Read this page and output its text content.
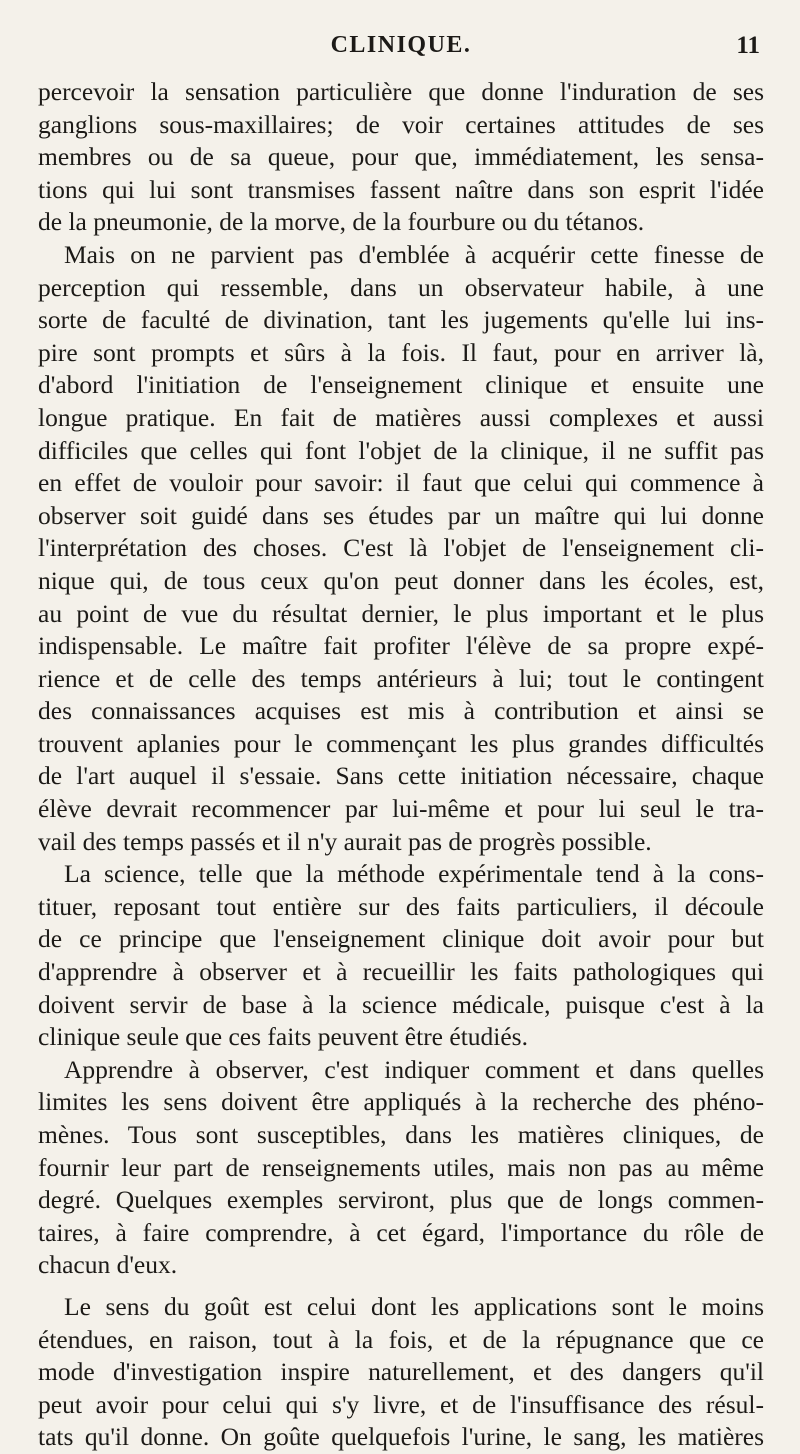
CLINIQUE.	11
percevoir la sensation particulière que donne l'induration de ses
ganglions sous-maxillaires; de voir certaines attitudes de ses
membres ou de sa queue, pour que, immédiatement, les sensa-
tions qui lui sont transmises fassent naître dans son esprit l'idée
de la pneumonie, de la morve, de la fourbure ou du tétanos.
Mais on ne parvient pas d'emblée à acquérir cette finesse de
perception qui ressemble, dans un observateur habile, à une
sorte de faculté de divination, tant les jugements qu'elle lui ins-
pire sont prompts et sûrs à la fois. Il faut, pour en arriver là,
d'abord l'initiation de l'enseignement clinique et ensuite une
longue pratique. En fait de matières aussi complexes et aussi
difficiles que celles qui font l'objet de la clinique, il ne suffit pas
en effet de vouloir pour savoir: il faut que celui qui commence à
observer soit guidé dans ses études par un maître qui lui donne
l'interprétation des choses. C'est là l'objet de l'enseignement cli-
nique qui, de tous ceux qu'on peut donner dans les écoles, est,
au point de vue du résultat dernier, le plus important et le plus
indispensable. Le maître fait profiter l'élève de sa propre expé-
rience et de celle des temps antérieurs à lui; tout le contingent
des connaissances acquises est mis à contribution et ainsi se
trouvent aplanies pour le commençant les plus grandes difficultés
de l'art auquel il s'essaie. Sans cette initiation nécessaire, chaque
élève devrait recommencer par lui-même et pour lui seul le tra-
vail des temps passés et il n'y aurait pas de progrès possible.
La science, telle que la méthode expérimentale tend à la cons-
tituer, reposant tout entière sur des faits particuliers, il découle
de ce principe que l'enseignement clinique doit avoir pour but
d'apprendre à observer et à recueillir les faits pathologiques qui
doivent servir de base à la science médicale, puisque c'est à la
clinique seule que ces faits peuvent être étudiés.
Apprendre à observer, c'est indiquer comment et dans quelles
limites les sens doivent être appliqués à la recherche des phéno-
mènes. Tous sont susceptibles, dans les matières cliniques, de
fournir leur part de renseignements utiles, mais non pas au même
degré. Quelques exemples serviront, plus que de longs commen-
taires, à faire comprendre, à cet égard, l'importance du rôle de
chacun d'eux.
Le sens du goût est celui dont les applications sont le moins
étendues, en raison, tout à la fois, et de la répugnance que ce
mode d'investigation inspire naturellement, et des dangers qu'il
peut avoir pour celui qui s'y livre, et de l'insuffisance des résul-
tats qu'il donne. On goûte quelquefois l'urine, le sang, les matières
